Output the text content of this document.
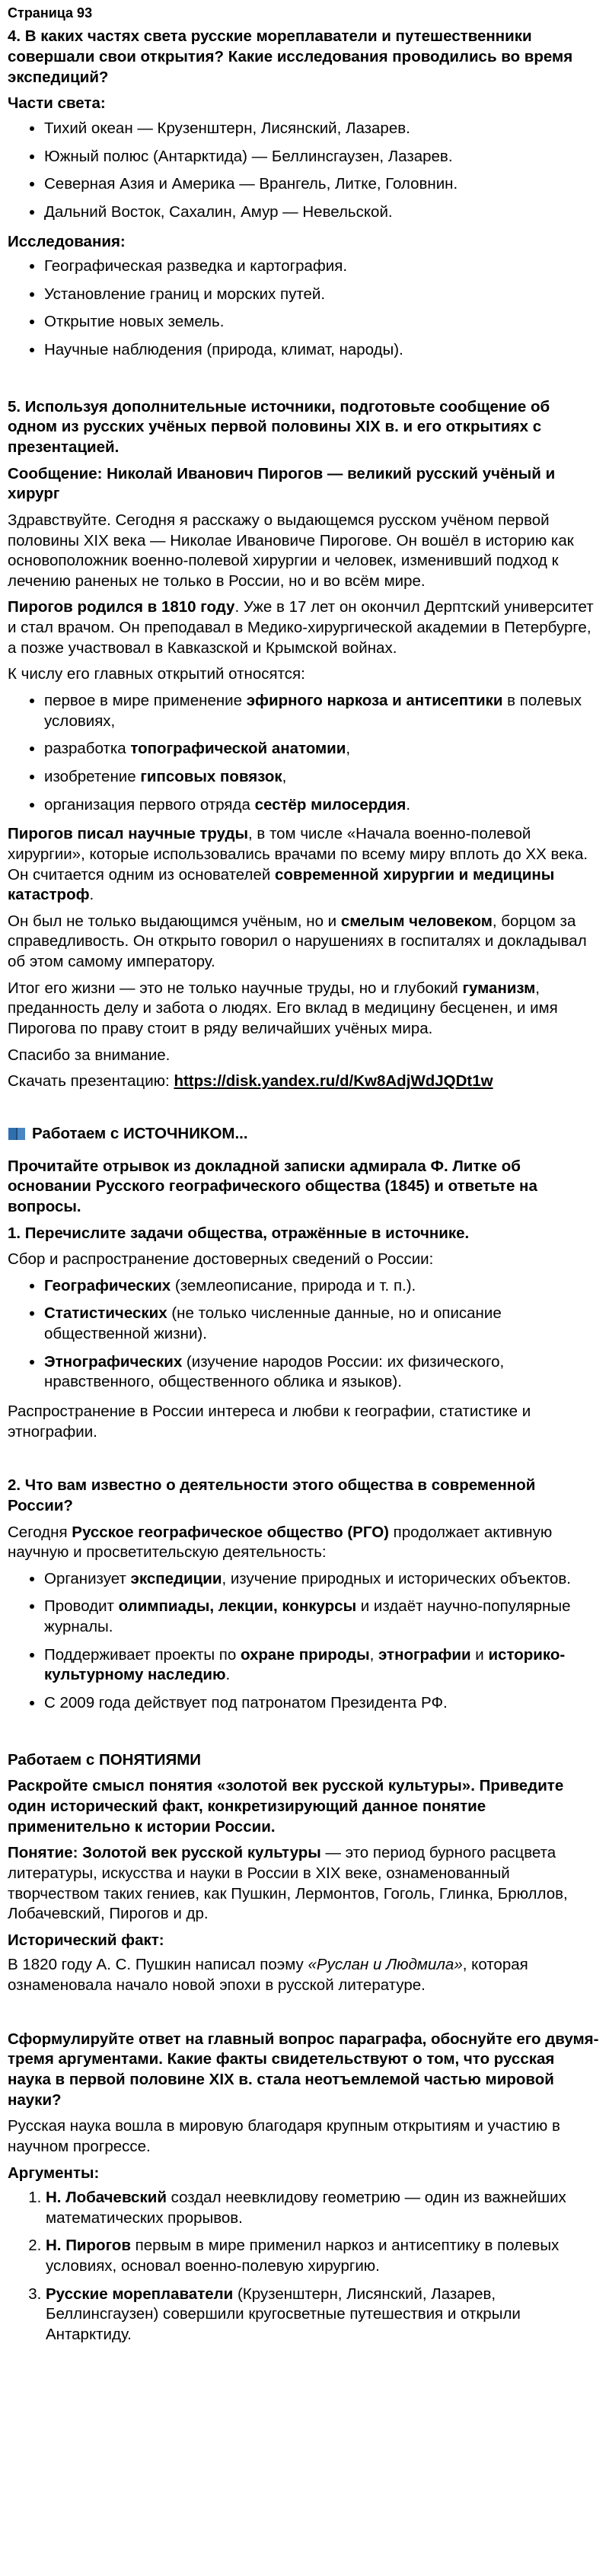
Страница 93
4. В каких частях света русские мореплаватели и путешественники совершали свои открытия? Какие исследования проводились во время экспедиций?
Части света:
• Тихий океан — Крузенштерн, Лисянский, Лазарев.
• Южный полюс (Антарктида) — Беллинсгаузен, Лазарев.
• Северная Азия и Америка — Врангель, Литке, Головнин.
• Дальний Восток, Сахалин, Амур — Невельской.
Исследования:
• Географическая разведка и картография.
• Установление границ и морских путей.
• Открытие новых земель.
• Научные наблюдения (природа, климат, народы).
5. Используя дополнительные источники, подготовьте сообщение об одном из русских учёных первой половины XIX в. и его открытиях с презентацией.
Сообщение: Николай Иванович Пирогов — великий русский учёный и хирург

Здравствуйте. Сегодня я расскажу о выдающемся русском учёном первой половины XIX века — Николае Ивановиче Пирогове. Он вошёл в историю как основоположник военно-полевой хирургии и человек, изменивший подход к лечению раненых не только в России, но и во всём мире.

Пирогов родился в 1810 году. Уже в 17 лет он окончил Дерптский университет и стал врачом. Он преподавал в Медико-хирургической академии в Петербурге, а позже участвовал в Кавказской и Крымской войнах.

К числу его главных открытий относятся:

• первое в мире применение эфирного наркоза и антисептики в полевых условиях,
• разработка топографической анатомии,
• изобретение гипсовых повязок,
• организация первого отряда сестёр милосердия.

Пирогов писал научные труды, в том числе «Начала военно-полевой хирургии», которые использовались врачами по всему миру вплоть до XX века. Он считается одним из основателей современной хирургии и медицины катастроф.

Он был не только выдающимся учёным, но и смелым человеком, борцом за справедливость. Он открыто говорил о нарушениях в госпиталях и докладывал об этом самому императору.

Итог его жизни — это не только научные труды, но и глубокий гуманизм, преданность делу и забота о людях. Его вклад в медицину бесценен, и имя Пирогова по праву стоит в ряду величайших учёных мира.

Спасибо за внимание.

Скачать презентацию: https://disk.yandex.ru/d/Kw8AdjWdJQDt1w

Работаем с ИСТОЧНИКОМ...
Прочитайте отрывок из докладной записки адмирала Ф. Литке об основании Русского географического общества (1845) и ответьте на вопросы.
1. Перечислите задачи общества, отражённые в источнике.

Сбор и распространение достоверных сведений о России:

• Географических (землеописание, природа и т. п.).
• Статистических (не только численные данные, но и описание общественной жизни).
• Этнографических (изучение народов России: их физического, нравственного, общественного облика и языков).

Распространение в России интереса и любви к географии, статистике и этнографии.

2. Что вам известно о деятельности этого общества в современной России?

Сегодня Русское географическое общество (РГО) продолжает активную научную и просветительскую деятельность:

• Организует экспедиции, изучение природных и исторических объектов.
• Проводит олимпиады, лекции, конкурсы и издаёт научно-популярные журналы.
• Поддерживает проекты по охране природы, этнографии и историко-культурному наследию.
• С 2009 года действует под патронатом Президента РФ.
Работаем с ПОНЯТИЯМИ
Раскройте смысл понятия «золотой век русской культуры». Приведите один исторический факт, конкретизирующий данное понятие применительно к истории России.

Понятие: Золотой век русской культуры — это период бурного расцвета литературы, искусства и науки в России в XIX веке, ознаменованный творчеством таких гениев, как Пушкин, Лермонтов, Гоголь, Глинка, Брюллов, Лобачевский, Пирогов и др.

Исторический факт:

В 1820 году А. С. Пушкин написал поэму «Руслан и Людмила», которая ознаменовала начало новой эпохи в русской литературе.

Сформулируйте ответ на главный вопрос параграфа, обоснуйте его двумя-тремя аргументами. Какие факты свидетельствуют о том, что русская наука в первой половине XIX в. стала неотъемлемой частью мировой науки?

Русская наука вошла в мировую благодаря крупным открытиям и участию в научном прогрессе.

Аргументы:
1. Н. Лобачевский создал неевклидову геометрию — один из важнейших математических прорывов.
2. Н. Пирогов первым в мире применил наркоз и антисептику в полевых условиях, основал военно-полевую хирургию.
3. Русские мореплаватели (Крузенштерн, Лисянский, Лазарев, Беллинсгаузен) совершили кругосветные путешествия и открыли Антарктиду.
